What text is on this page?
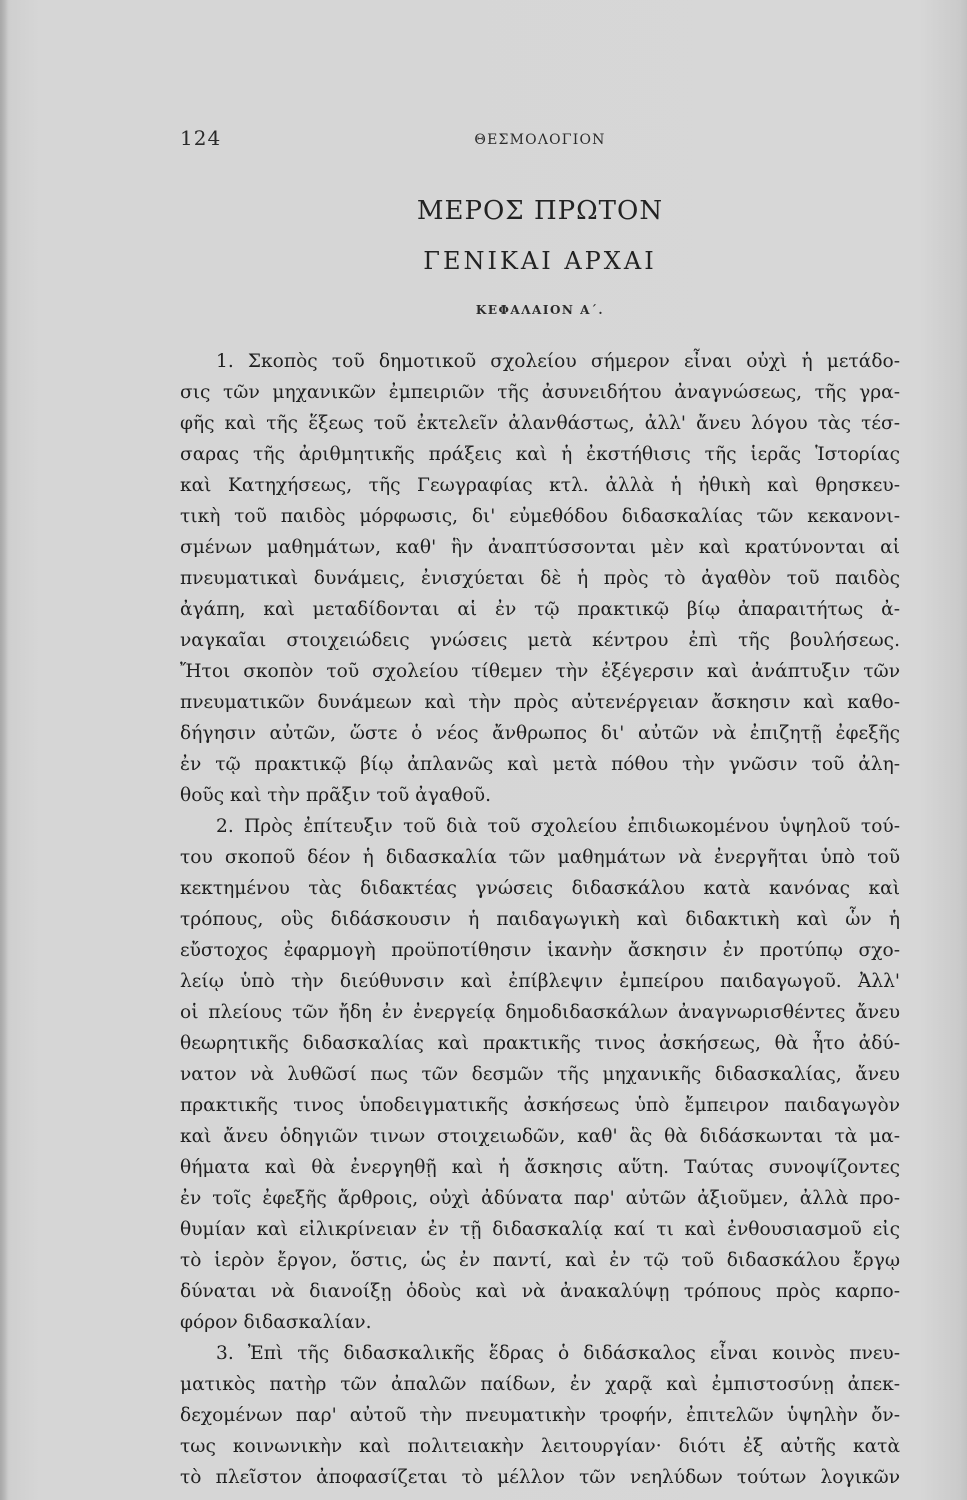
124	ΘΕΣΜΟΛΟΓΙΟΝ
ΜΕΡΟΣ ΠΡΩΤΟΝ
ΓΕΝΙΚΑΙ ΑΡΧΑΙ
ΚΕΦΑΛΑΙΟΝ Α΄.
1. Σκοπὸς τοῦ δημοτικοῦ σχολείου σήμερον εἶναι οὐχὶ ἡ μετάδο-
σις τῶν μηχανικῶν ἐμπειριῶν τῆς ἀσυνειδήτου ἀναγνώσεως, τῆς γρα-
φῆς καὶ τῆς ἕξεως τοῦ ἐκτελεῖν ἀλανθάστως, ἀλλ' ἄνευ λόγου τὰς τέσ-
σαρας τῆς ἀριθμητικῆς πράξεις καὶ ἡ ἐκστήθισις τῆς ἱερᾶς Ἱστορίας
καὶ Κατηχήσεως, τῆς Γεωγραφίας κτλ. ἀλλὰ ἡ ἠθικὴ καὶ θρησκευ-
τικὴ τοῦ παιδὸς μόρφωσις, δι' εὐμεθόδου διδασκαλίας τῶν κεκανονι-
σμένων μαθημάτων, καθ' ἣν ἀναπτύσσονται μὲν καὶ κρατύνονται αἱ
πνευματικαὶ δυνάμεις, ἐνισχύεται δὲ ἡ πρὸς τὸ ἀγαθὸν τοῦ παιδὸς
ἀγάπη, καὶ μεταδίδονται αἱ ἐν τῷ πρακτικῷ βίῳ ἀπαραιτήτως ἀ-
ναγκαῖαι στοιχειώδεις γνώσεις μετὰ κέντρου ἐπὶ τῆς βουλήσεως.
Ἤτοι σκοπὸν τοῦ σχολείου τίθεμεν τὴν ἐξέγερσιν καὶ ἀνάπτυξιν τῶν
πνευματικῶν δυνάμεων καὶ τὴν πρὸς αὐτενέργειαν ἄσκησιν καὶ καθο-
δήγησιν αὐτῶν, ὥστε ὁ νέος ἄνθρωπος δι' αὐτῶν νὰ ἐπιζητῇ ἐφεξῆς
ἐν τῷ πρακτικῷ βίῳ ἀπλανῶς καὶ μετὰ πόθου τὴν γνῶσιν τοῦ ἀλη-
θοῦς καὶ τὴν πρᾶξιν τοῦ ἀγαθοῦ.
2. Πρὸς ἐπίτευξιν τοῦ διὰ τοῦ σχολείου ἐπιδιωκομένου ὑψηλοῦ τού-
του σκοποῦ δέον ἡ διδασκαλία τῶν μαθημάτων νὰ ἐνεργῆται ὑπὸ τοῦ
κεκτημένου τὰς διδακτέας γνώσεις διδασκάλου κατὰ κανόνας καὶ
τρόπους, οὓς διδάσκουσιν ἡ παιδαγωγικὴ καὶ διδακτικὴ καὶ ὧν ἡ
εὔστοχος ἐφαρμογὴ προϋποτίθησιν ἱκανὴν ἄσκησιν ἐν προτύπῳ σχο-
λείῳ ὑπὸ τὴν διεύθυνσιν καὶ ἐπίβλεψιν ἐμπείρου παιδαγωγοῦ. Ἀλλ'
οἱ πλείους τῶν ἤδη ἐν ἐνεργείᾳ δημοδιδασκάλων ἀναγνωρισθέντες ἄνευ
θεωρητικῆς διδασκαλίας καὶ πρακτικῆς τινος ἀσκήσεως, θὰ ἦτο ἀδύ-
νατον νὰ λυθῶσί πως τῶν δεσμῶν τῆς μηχανικῆς διδασκαλίας, ἄνευ
πρακτικῆς τινος ὑποδειγματικῆς ἀσκήσεως ὑπὸ ἔμπειρον παιδαγωγὸν
καὶ ἄνευ ὁδηγιῶν τινων στοιχειωδῶν, καθ' ἃς θὰ διδάσκωνται τὰ μα-
θήματα καὶ θὰ ἐνεργηθῇ καὶ ἡ ἄσκησις αὕτη. Ταύτας συνοψίζοντες
ἐν τοῖς ἐφεξῆς ἄρθροις, οὐχὶ ἀδύνατα παρ' αὐτῶν ἀξιοῦμεν, ἀλλὰ προ-
θυμίαν καὶ εἰλικρίνειαν ἐν τῇ διδασκαλίᾳ καί τι καὶ ἐνθουσιασμοῦ εἰς
τὸ ἱερὸν ἔργον, ὅστις, ὡς ἐν παντί, καὶ ἐν τῷ τοῦ διδασκάλου ἔργῳ
δύναται νὰ διανοίξῃ ὁδοὺς καὶ νὰ ἀνακαλύψῃ τρόπους πρὸς καρπο-
φόρον διδασκαλίαν.
3. Ἐπὶ τῆς διδασκαλικῆς ἕδρας ὁ διδάσκαλος εἶναι κοινὸς πνευ-
ματικὸς πατὴρ τῶν ἀπαλῶν παίδων, ἐν χαρᾷ καὶ ἐμπιστοσύνῃ ἀπεκ-
δεχομένων παρ' αὐτοῦ τὴν πνευματικὴν τροφήν, ἐπιτελῶν ὑψηλὴν ὄν-
τως κοινωνικὴν καὶ πολιτειακὴν λειτουργίαν· διότι ἐξ αὐτῆς κατὰ
τὸ πλεῖστον ἀποφασίζεται τὸ μέλλον τῶν νεηλύδων τούτων λογικῶν
